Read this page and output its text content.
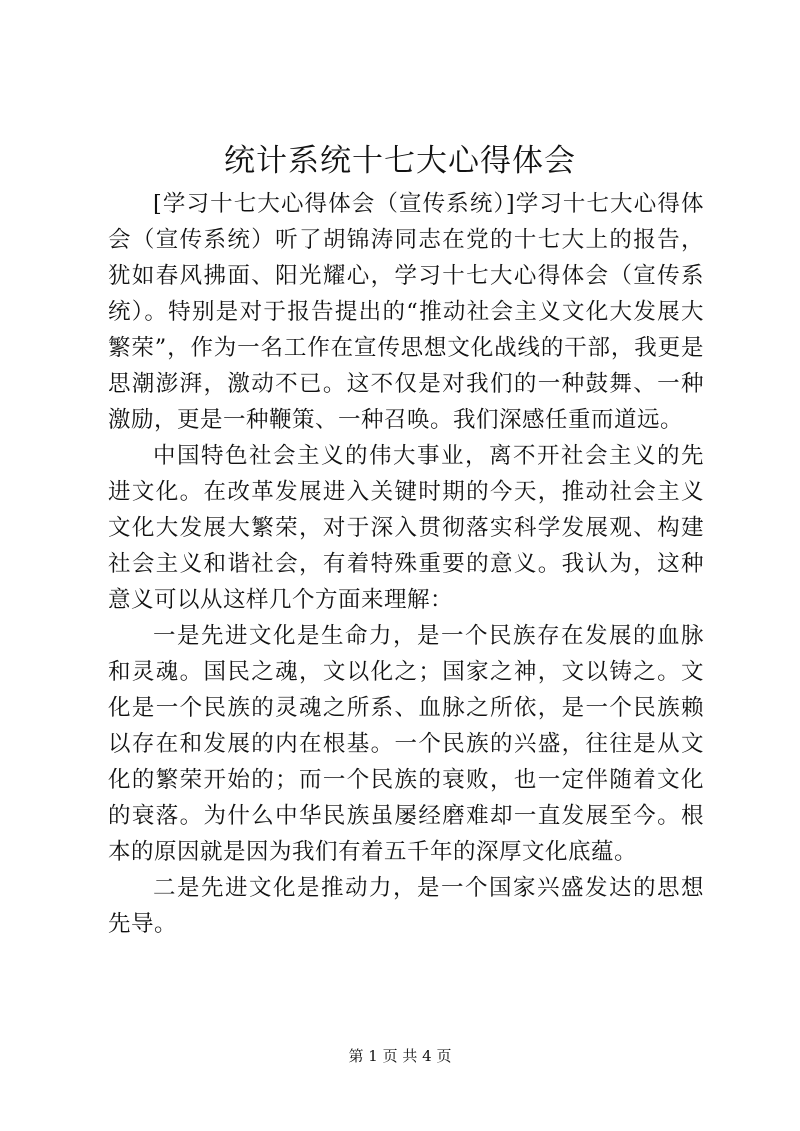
统计系统十七大心得体会

[学习十七大心得体会（宣传系统）]学习十七大心得体会（宣传系统）听了胡锦涛同志在党的十七大上的报告，犹如春风拂面、阳光耀心，学习十七大心得体会（宣传系统）。特别是对于报告提出的“推动社会主义文化大发展大繁荣”，作为一名工作在宣传思想文化战线的干部，我更是思潮澎湃，激动不已。这不仅是对我们的一种鼓舞、一种激励，更是一种鞭策、一种召唤。我们深感任重而道远。

中国特色社会主义的伟大事业，离不开社会主义的先进文化。在改革发展进入关键时期的今天，推动社会主义文化大发展大繁荣，对于深入贯彻落实科学发展观、构建社会主义和谐社会，有着特殊重要的意义。我认为，这种意义可以从这样几个方面来理解：

一是先进文化是生命力，是一个民族存在发展的血脉和灵魂。国民之魂，文以化之；国家之神，文以铸之。文化是一个民族的灵魂之所系、血脉之所依，是一个民族赖以存在和发展的内在根基。一个民族的兴盛，往往是从文化的繁荣开始的；而一个民族的衰败，也一定伴随着文化的衰落。为什么中华民族虽屡经磨难却一直发展至今。根本的原因就是因为我们有着五千年的深厚文化底蕴。

二是先进文化是推动力，是一个国家兴盛发达的思想先导。

第 1 页 共 4 页
